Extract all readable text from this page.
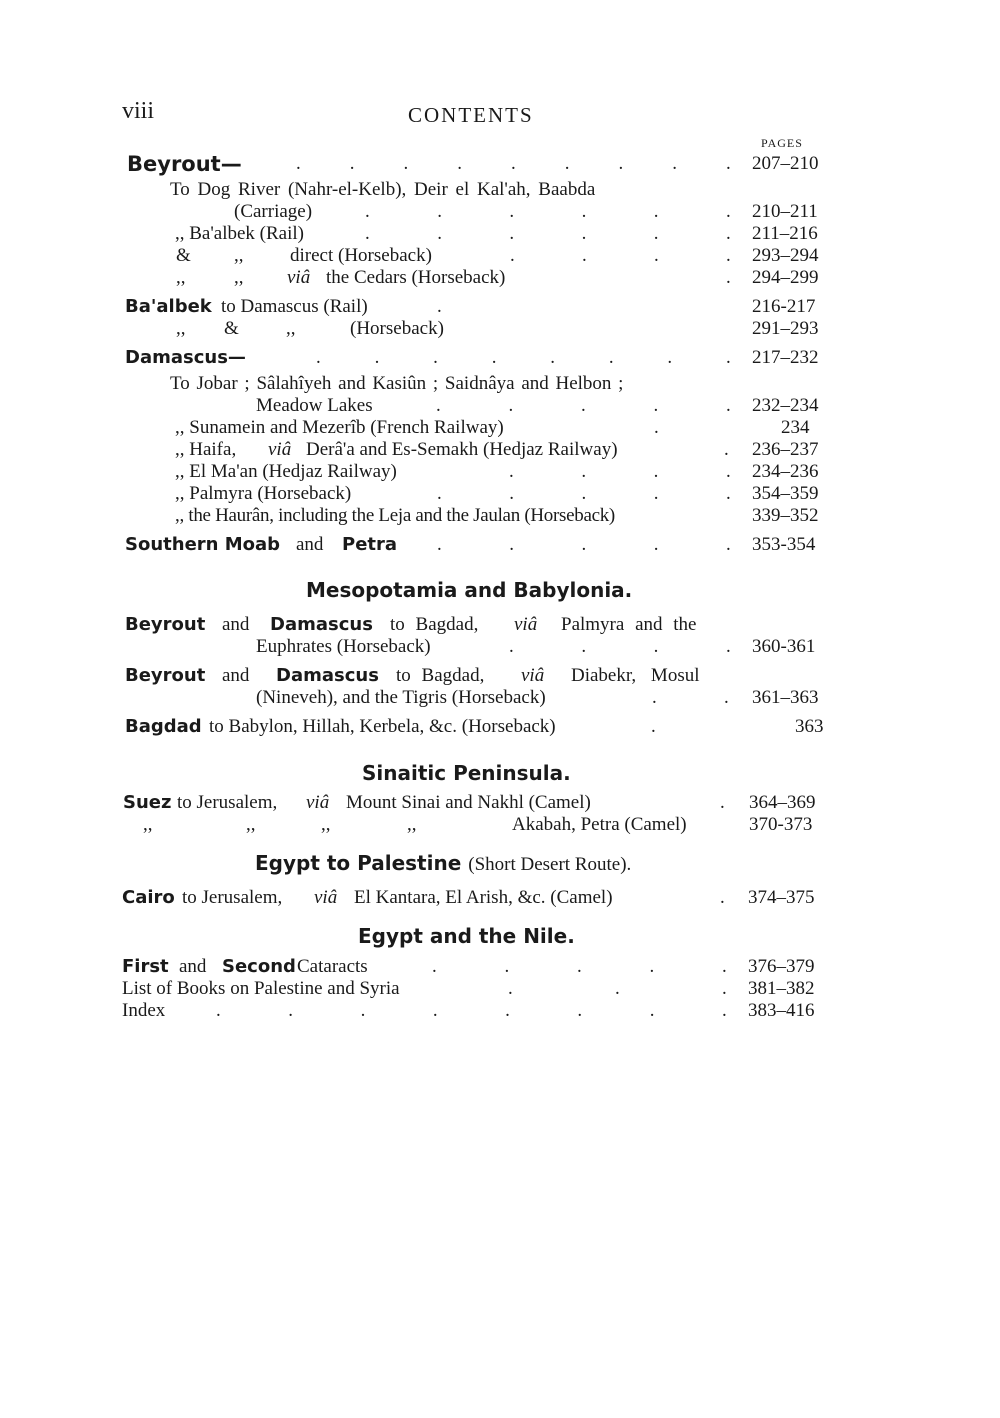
viii	CONTENTS
PAGES
Beyrout—	.	.	.	.	.	.	.	.	. 207–210
To Dog River (Nahr-el-Kelb), Deir el Kal'ah, Baabda
(Carriage)	.	.	.	.	.	. 210–211
,, Ba'albek (Rail)	.	.	.	.	.	. 211–216
& ,, direct (Horseback)	.	.	.	. 293–294
,,	,, viâ the Cedars (Horseback)	. 294–299
Ba'albek to Damascus (Rail)	.	216-217
,, & ,,	(Horseback)	291–293
Damascus—	.	.	.	.	.	.	.	. 217–232
To Jobar ; Sâlahîyeh and Kasiûn ; Saidnâya and Helbon ;
Meadow Lakes	.	.	.	.	. 232–234
,, Sunamein and Mezerîb (French Railway)	.	234
,, Haifa, viâ Derâ'a and Es-Semakh (Hedjaz Railway)	. 236–237
,, El Ma'an (Hedjaz Railway)	.	.	.	. 234–236
,, Palmyra (Horseback)	.	.	.	.	. 354–359
,, the Haurân, including the Leja and the Jaulan (Horseback)	339–352
Southern Moab and Petra .	.	.	.	. 353-354
Mesopotamia and Babylonia.
Beyrout and Damascus to Bagdad, viâ Palmyra and the
Euphrates (Horseback)	.	.	.	. 360-361
Beyrout and Damascus to Bagdad, viâ Diabekr, Mosul
(Nineveh), and the Tigris (Horseback)	.	. 361–363
Bagdad to Babylon, Hillah, Kerbela, &c. (Horseback)	.	363
Sinaitic Peninsula.
Suez to Jerusalem, viâ Mount Sinai and Nakhl (Camel)	. 364–369
,,	,,	,,	,,	Akabah, Petra (Camel)	370-373
Egypt to Palestine (Short Desert Route).
Cairo to Jerusalem, viâ El Kantara, El Arish, &c. (Camel)	. 374–375
Egypt and the Nile.
First and Second Cataracts	.	.	.	.	. 376–379
List of Books on Palestine and Syria	.	.	. 381–382
Index	.	.	.	.	.	.	.	. 383–416
